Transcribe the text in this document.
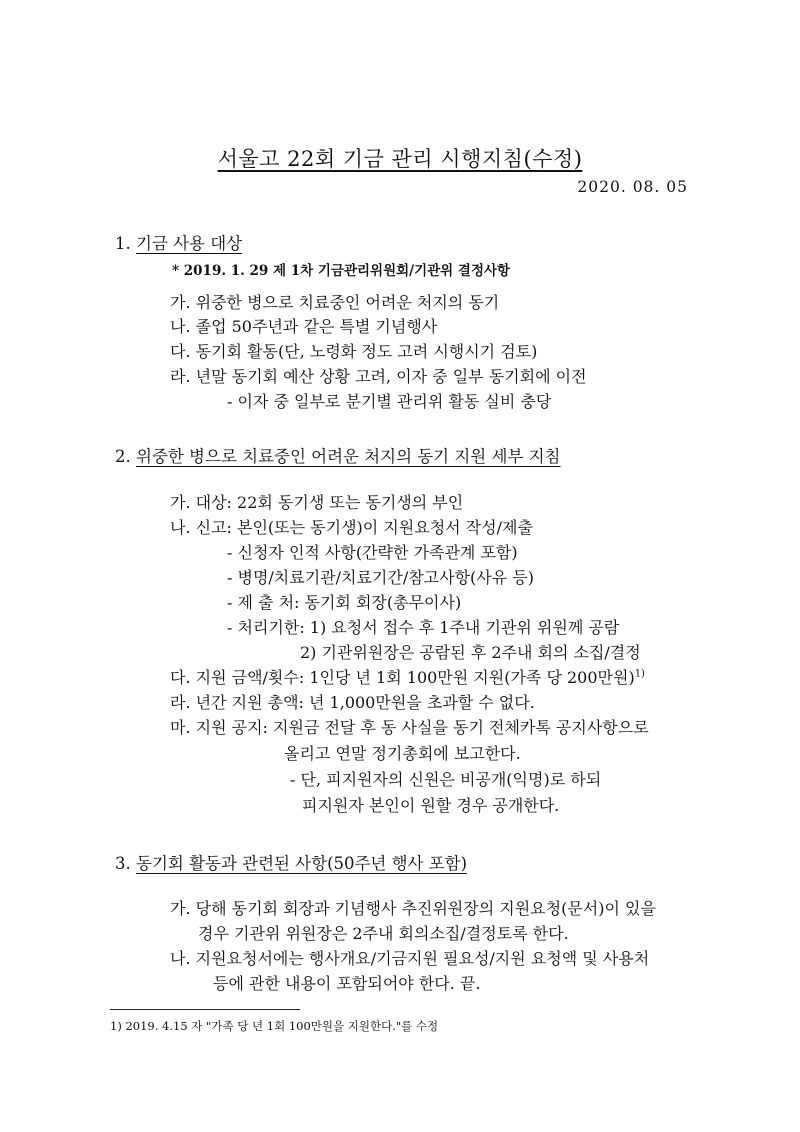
서울고 22회 기금 관리 시행지침(수정)
2020. 08. 05
1. 기금 사용 대상
* 2019. 1. 29 제 1차 기금관리위원회/기관위 결정사항
가. 위중한 병으로 치료중인 어려운 처지의 동기
나. 졸업 50주년과 같은 특별 기념행사
다. 동기회 활동(단, 노령화 정도 고려 시행시기 검토)
라. 년말 동기회 예산 상황 고려, 이자 중 일부 동기회에 이전
- 이자 중 일부로 분기별 관리위 활동 실비 충당
2. 위중한 병으로 치료중인 어려운 처지의 동기 지원 세부 지침
가. 대상: 22회 동기생 또는 동기생의 부인
나. 신고: 본인(또는 동기생)이 지원요청서 작성/제출
- 신청자 인적 사항(간략한 가족관계 포함)
- 병명/치료기관/치료기간/참고사항(사유 등)
- 제 출 처: 동기회 회장(총무이사)
- 처리기한: 1) 요청서 접수 후 1주내 기관위 위원께 공람
2) 기관위원장은 공람된 후 2주내 회의 소집/결정
다. 지원 금액/횟수: 1인당 년 1회 100만원 지원(가족 당 200만원)$^{1)}$
라. 년간 지원 총액: 년 1,000만원을 초과할 수 없다.
마. 지원 공지: 지원금 전달 후 동 사실을 동기 전체카톡 공지사항으로
올리고 연말 정기총회에 보고한다.
- 단, 피지원자의 신원은 비공개(익명)로 하되
피지원자 본인이 원할 경우 공개한다.
3. 동기회 활동과 관련된 사항(50주년 행사 포함)
가. 당해 동기회 회장과 기념행사 추진위원장의 지원요청(문서)이 있을
경우 기관위 위원장은 2주내 회의소집/결정토록 한다.
나. 지원요청서에는 행사개요/기금지원 필요성/지원 요청액 및 사용처
등에 관한 내용이 포함되어야 한다. 끝.
1) 2019. 4.15 자 "가족 당 년 1회 100만원을 지원한다."를 수정
